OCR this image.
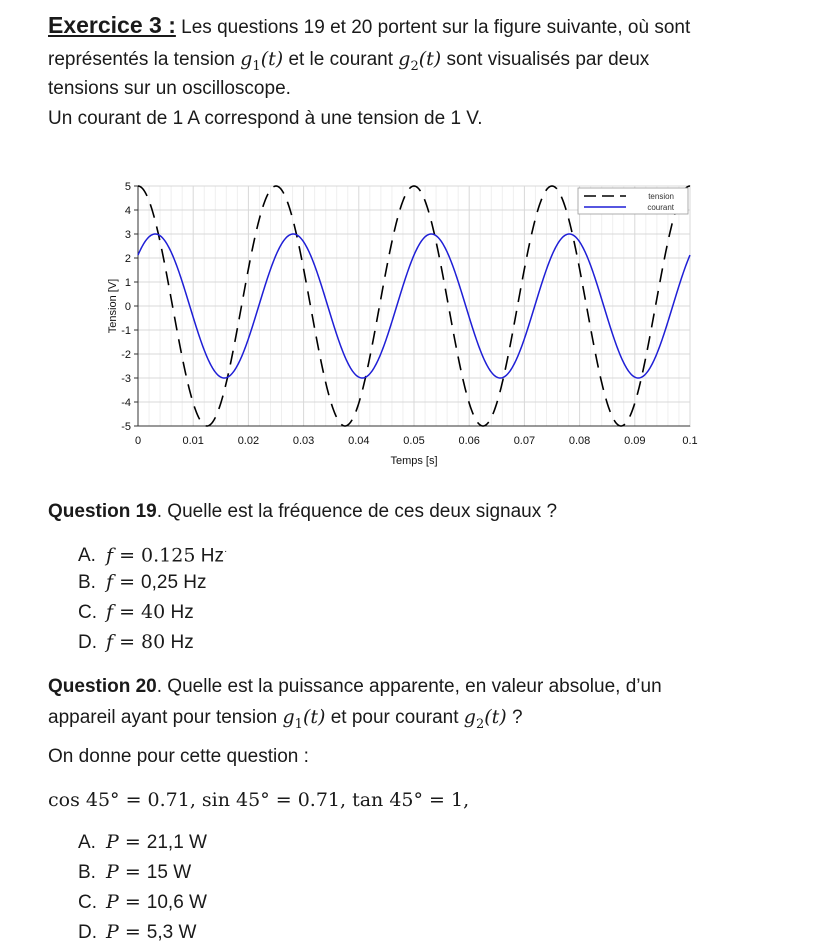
Exercice 3 : Les questions 19 et 20 portent sur la figure suivante, où sont

représentés la tension $g_1(t)$ et le courant $g_2(t)$ sont visualisés par deux

tensions sur un oscilloscope.

Un courant de 1 A correspond à une tension de 1 V.

0	0.01	0.02	0.03	0.04	0.05	0.06	0.07	0.08	0.09	0.1
5
4
3
2
1
0
-1
-2
-3
-4
-5
Temps [s]
Tension [V]
tension
courant

Question 19. Quelle est la fréquence de ces deux signaux ?

A. f = 0.125 Hz·

B. f = 0,25 Hz

C. f = 40 Hz

D. f = 80 Hz

Question 20. Quelle est la puissance apparente, en valeur absolue, d’un

appareil ayant pour tension $g_1(t)$ et pour courant $g_2(t)$ ?

On donne pour cette question :

cos 45° = 0.71, sin 45° = 0.71, tan 45° = 1,

A. P = 21,1 W

B. P = 15 W

C. P = 10,6 W

D. P = 5,3 W
